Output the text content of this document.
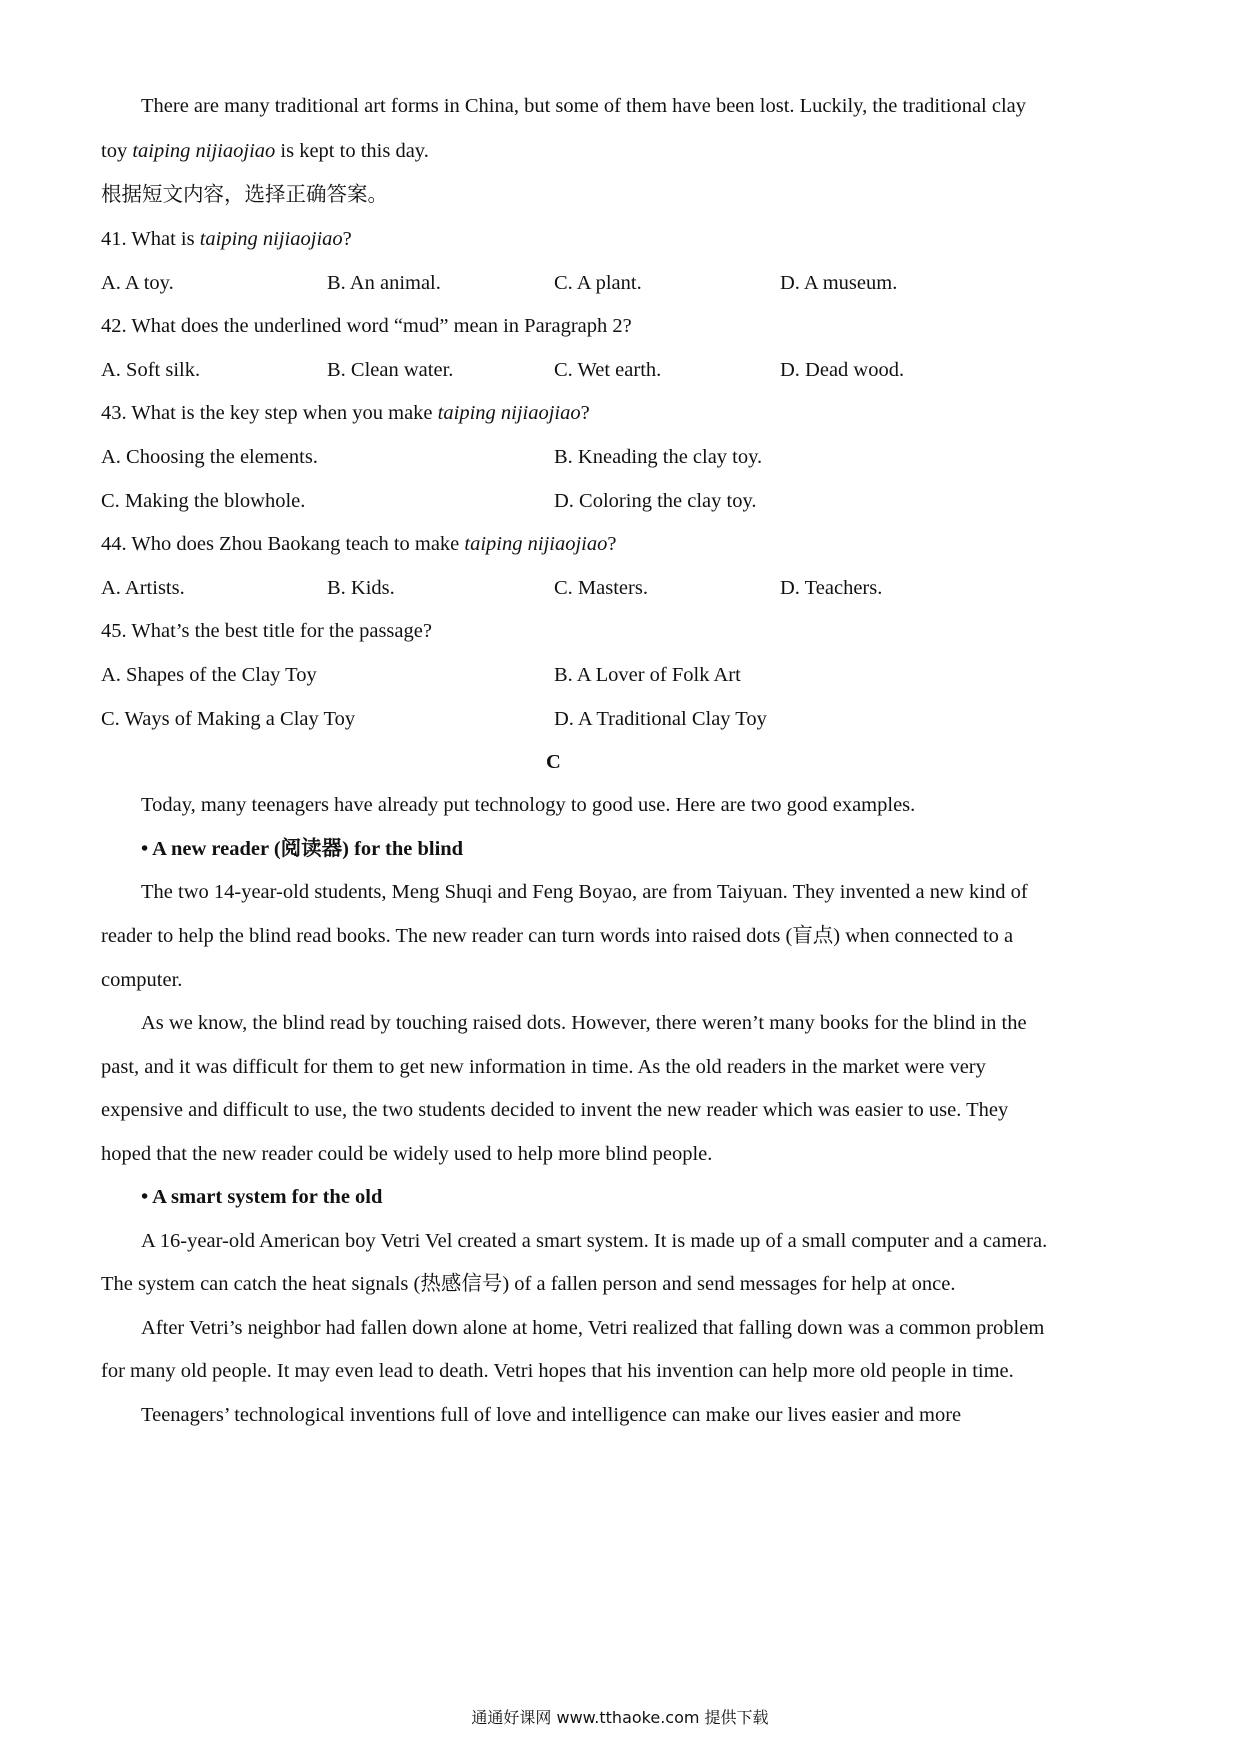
There are many traditional art forms in China, but some of them have been lost. Luckily, the traditional clay
toy taiping nijiaojiao is kept to this day.
根据短文内容，选择正确答案。
41. What is taiping nijiaojiao?
A. A toy.	B. An animal.	C. A plant.	D. A museum.
42. What does the underlined word “mud” mean in Paragraph 2?
A. Soft silk.	B. Clean water.	C. Wet earth.	D. Dead wood.
43. What is the key step when you make taiping nijiaojiao?
A. Choosing the elements.	B. Kneading the clay toy.
C. Making the blowhole.	D. Coloring the clay toy.
44. Who does Zhou Baokang teach to make taiping nijiaojiao?
A. Artists.	B. Kids.	C. Masters.	D. Teachers.
45. What’s the best title for the passage?
A. Shapes of the Clay Toy	B. A Lover of Folk Art
C. Ways of Making a Clay Toy	D. A Traditional Clay Toy
C
Today, many teenagers have already put technology to good use. Here are two good examples.
• A new reader (阅读器) for the blind
The two 14-year-old students, Meng Shuqi and Feng Boyao, are from Taiyuan. They invented a new kind of
reader to help the blind read books. The new reader can turn words into raised dots (盲点) when connected to a
computer.
As we know, the blind read by touching raised dots. However, there weren’t many books for the blind in the
past, and it was difficult for them to get new information in time. As the old readers in the market were very
expensive and difficult to use, the two students decided to invent the new reader which was easier to use. They
hoped that the new reader could be widely used to help more blind people.
• A smart system for the old
A 16-year-old American boy Vetri Vel created a smart system. It is made up of a small computer and a camera.
The system can catch the heat signals (热感信号) of a fallen person and send messages for help at once.
After Vetri’s neighbor had fallen down alone at home, Vetri realized that falling down was a common problem
for many old people. It may even lead to death. Vetri hopes that his invention can help more old people in time.
Teenagers’ technological inventions full of love and intelligence can make our lives easier and more
通通好课网 www.tthaoke.com 提供下载
